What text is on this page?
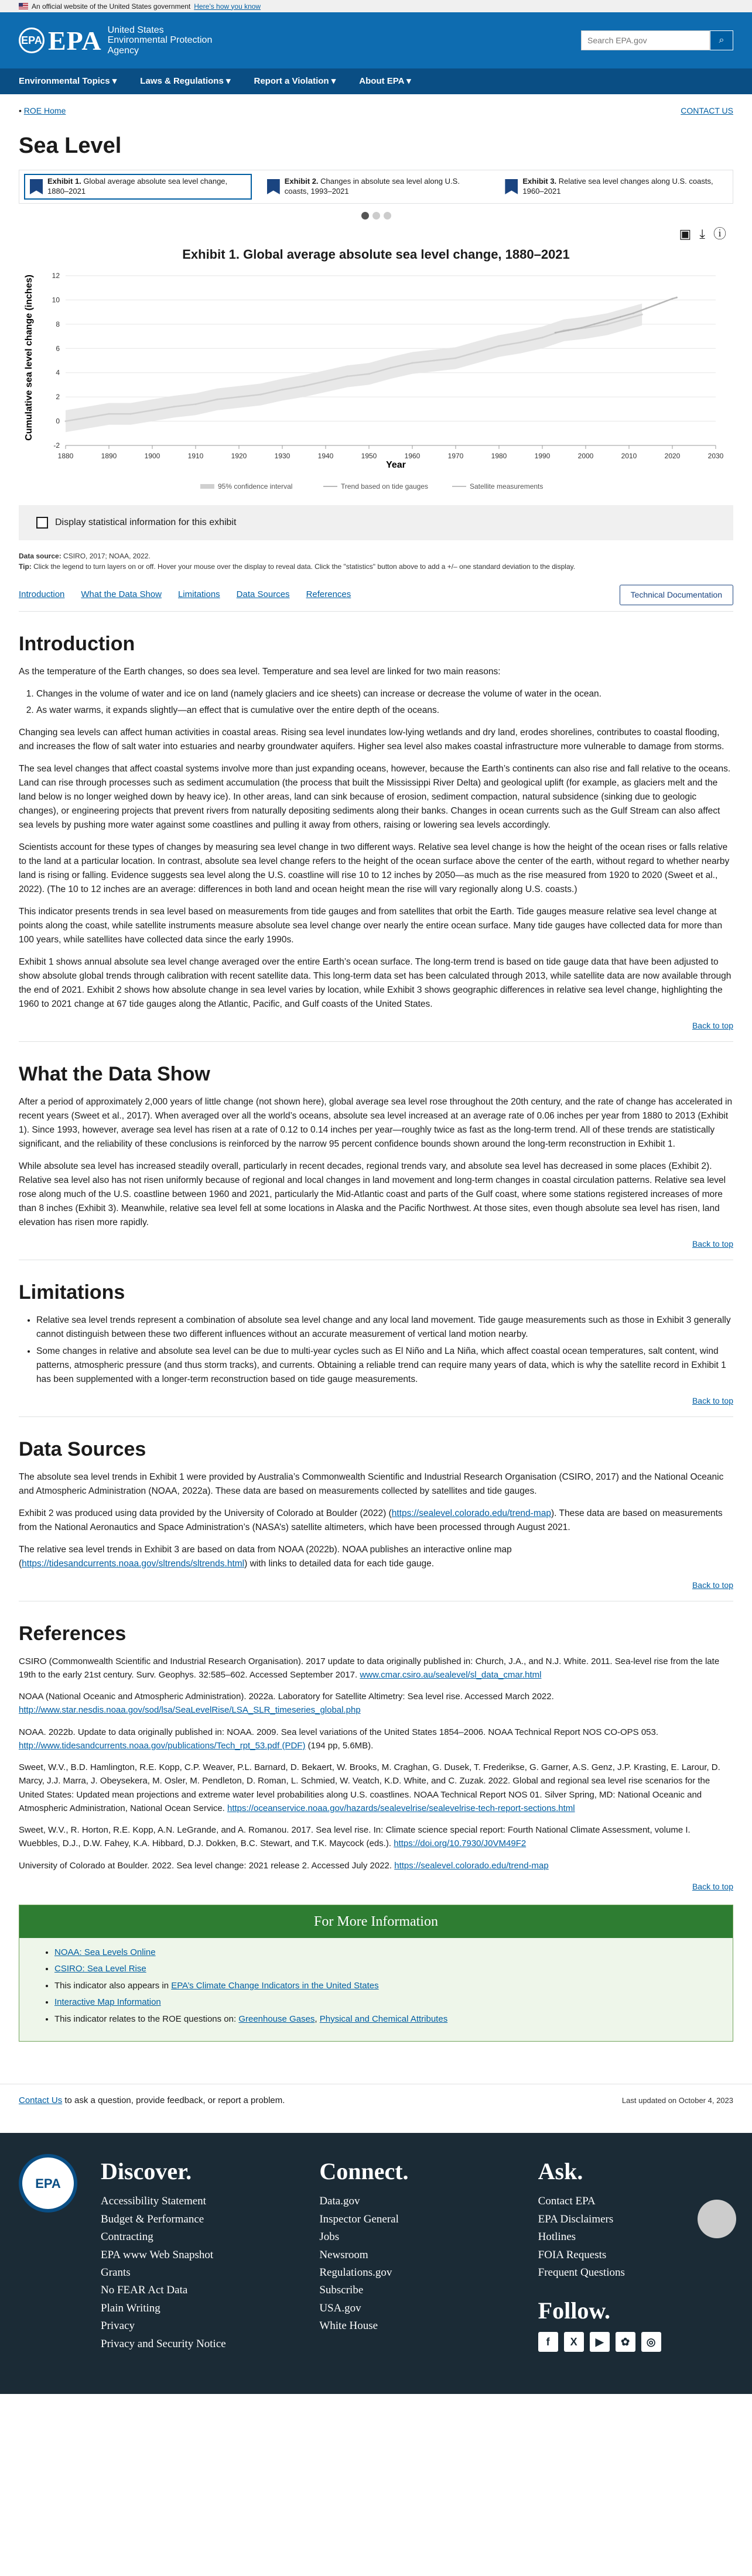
An official website of the United States government Here’s how you know
EPA EPA United States Environmental Protection Agency
Search EPA.gov
⌕
Environmental Topics ▾	Laws & Regulations ▾	Report a Violation ▾	About EPA ▾
• ROE Home	CONTACT US
Sea Level
Exhibit 1. Global average absolute sea level change, 1880–2021
Exhibit 2. Changes in absolute sea level along U.S. coasts, 1993–2021
Exhibit 3. Relative sea level changes along U.S. coasts, 1960–2021
▣ ⤓ ⓘ
Exhibit 1. Global average absolute sea level change, 1880–2021
-2
0
2
4
6
8
10
12
1880	1890	1900	1910	1920	1930	1940	1950	1960	1970	1980	1990	2000	2010	2020	2030
Cumulative sea level change (inches)
Year
95% confidence interval	Trend based on tide gauges	Satellite measurements
Display statistical information for this exhibit

Data source: CSIRO, 2017; NOAA, 2022.

Tip: Click the legend to turn layers on or off. Hover your mouse over the display to reveal data. Click the "statistics" button above to add a +/– one standard deviation to the display.

Introduction What the Data Show Limitations Data Sources References	Technical Documentation
Introduction

As the temperature of the Earth changes, so does sea level. Temperature and sea level are linked for two main reasons:

1. Changes in the volume of water and ice on land (namely glaciers and ice sheets) can increase or decrease the volume of water in the ocean.
2. As water warms, it expands slightly—an effect that is cumulative over the entire depth of the oceans.

Changing sea levels can affect human activities in coastal areas. Rising sea level inundates low-lying wetlands and dry land, erodes shorelines, contributes to coastal flooding, and increases the flow of salt water into estuaries and nearby groundwater aquifers. Higher sea level also makes coastal infrastructure more vulnerable to damage from storms.

The sea level changes that affect coastal systems involve more than just expanding oceans, however, because the Earth’s continents can also rise and fall relative to the oceans. Land can rise through processes such as sediment accumulation (the process that built the Mississippi River Delta) and geological uplift (for example, as glaciers melt and the land below is no longer weighed down by heavy ice). In other areas, land can sink because of erosion, sediment compaction, natural subsidence (sinking due to geologic changes), or engineering projects that prevent rivers from naturally depositing sediments along their banks. Changes in ocean currents such as the Gulf Stream can also affect sea levels by pushing more water against some coastlines and pulling it away from others, raising or lowering sea levels accordingly.

Scientists account for these types of changes by measuring sea level change in two different ways. Relative sea level change is how the height of the ocean rises or falls relative to the land at a particular location. In contrast, absolute sea level change refers to the height of the ocean surface above the center of the earth, without regard to whether nearby land is rising or falling. Evidence suggests sea level along the U.S. coastline will rise 10 to 12 inches by 2050—as much as the rise measured from 1920 to 2020 (Sweet et al., 2022). (The 10 to 12 inches are an average: differences in both land and ocean height mean the rise will vary regionally along U.S. coasts.)

This indicator presents trends in sea level based on measurements from tide gauges and from satellites that orbit the Earth. Tide gauges measure relative sea level change at points along the coast, while satellite instruments measure absolute sea level change over nearly the entire ocean surface. Many tide gauges have collected data for more than 100 years, while satellites have collected data since the early 1990s.

Exhibit 1 shows annual absolute sea level change averaged over the entire Earth’s ocean surface. The long-term trend is based on tide gauge data that have been adjusted to show absolute global trends through calibration with recent satellite data. This long-term data set has been calculated through 2013, while satellite data are now available through the end of 2021. Exhibit 2 shows how absolute change in sea level varies by location, while Exhibit 3 shows geographic differences in relative sea level change, highlighting the 1960 to 2021 change at 67 tide gauges along the Atlantic, Pacific, and Gulf coasts of the United States.

Back to top
What the Data Show

After a period of approximately 2,000 years of little change (not shown here), global average sea level rose throughout the 20th century, and the rate of change has accelerated in recent years (Sweet et al., 2017). When averaged over all the world’s oceans, absolute sea level increased at an average rate of 0.06 inches per year from 1880 to 2013 (Exhibit 1). Since 1993, however, average sea level has risen at a rate of 0.12 to 0.14 inches per year—roughly twice as fast as the long-term trend. All of these trends are statistically significant, and the reliability of these conclusions is reinforced by the narrow 95 percent confidence bounds shown around the long-term reconstruction in Exhibit 1.

While absolute sea level has increased steadily overall, particularly in recent decades, regional trends vary, and absolute sea level has decreased in some places (Exhibit 2). Relative sea level also has not risen uniformly because of regional and local changes in land movement and long-term changes in coastal circulation patterns. Relative sea level rose along much of the U.S. coastline between 1960 and 2021, particularly the Mid-Atlantic coast and parts of the Gulf coast, where some stations registered increases of more than 8 inches (Exhibit 3). Meanwhile, relative sea level fell at some locations in Alaska and the Pacific Northwest. At those sites, even though absolute sea level has risen, land elevation has risen more rapidly.

Back to top
Limitations
• Relative sea level trends represent a combination of absolute sea level change and any local land movement. Tide gauge measurements such as those in Exhibit 3 generally cannot distinguish between these two different influences without an accurate measurement of vertical land motion nearby.
• Some changes in relative and absolute sea level can be due to multi-year cycles such as El Niño and La Niña, which affect coastal ocean temperatures, salt content, wind patterns, atmospheric pressure (and thus storm tracks), and currents. Obtaining a reliable trend can require many years of data, which is why the satellite record in Exhibit 1 has been supplemented with a longer-term reconstruction based on tide gauge measurements.
Back to top
Data Sources

The absolute sea level trends in Exhibit 1 were provided by Australia’s Commonwealth Scientific and Industrial Research Organisation (CSIRO, 2017) and the National Oceanic and Atmospheric Administration (NOAA, 2022a). These data are based on measurements collected by satellites and tide gauges.

Exhibit 2 was produced using data provided by the University of Colorado at Boulder (2022) (https://sealevel.colorado.edu/trend-map). These data are based on measurements from the National Aeronautics and Space Administration’s (NASA’s) satellite altimeters, which have been processed through August 2021.

The relative sea level trends in Exhibit 3 are based on data from NOAA (2022b). NOAA publishes an interactive online map (https://tidesandcurrents.noaa.gov/sltrends/sltrends.html) with links to detailed data for each tide gauge.

Back to top
References

CSIRO (Commonwealth Scientific and Industrial Research Organisation). 2017 update to data originally published in: Church, J.A., and N.J. White. 2011. Sea-level rise from the late 19th to the early 21st century. Surv. Geophys. 32:585–602. Accessed September 2017. www.cmar.csiro.au/sealevel/sl_data_cmar.html

NOAA (National Oceanic and Atmospheric Administration). 2022a. Laboratory for Satellite Altimetry: Sea level rise. Accessed March 2022. http://www.star.nesdis.noaa.gov/sod/lsa/SeaLevelRise/LSA_SLR_timeseries_global.php

NOAA. 2022b. Update to data originally published in: NOAA. 2009. Sea level variations of the United States 1854–2006. NOAA Technical Report NOS CO-OPS 053. http://www.tidesandcurrents.noaa.gov/publications/Tech_rpt_53.pdf (PDF) (194 pp, 5.6MB).

Sweet, W.V., B.D. Hamlington, R.E. Kopp, C.P. Weaver, P.L. Barnard, D. Bekaert, W. Brooks, M. Craghan, G. Dusek, T. Frederikse, G. Garner, A.S. Genz, J.P. Krasting, E. Larour, D. Marcy, J.J. Marra, J. Obeysekera, M. Osler, M. Pendleton, D. Roman, L. Schmied, W. Veatch, K.D. White, and C. Zuzak. 2022. Global and regional sea level rise scenarios for the United States: Updated mean projections and extreme water level probabilities along U.S. coastlines. NOAA Technical Report NOS 01. Silver Spring, MD: National Oceanic and Atmospheric Administration, National Ocean Service. https://oceanservice.noaa.gov/hazards/sealevelrise/sealevelrise-tech-report-sections.html

Sweet, W.V., R. Horton, R.E. Kopp, A.N. LeGrande, and A. Romanou. 2017. Sea level rise. In: Climate science special report: Fourth National Climate Assessment, volume I. Wuebbles, D.J., D.W. Fahey, K.A. Hibbard, D.J. Dokken, B.C. Stewart, and T.K. Maycock (eds.). https://doi.org/10.7930/J0VM49F2

University of Colorado at Boulder. 2022. Sea level change: 2021 release 2. Accessed July 2022. https://sealevel.colorado.edu/trend-map

Back to top
For More Information
• NOAA: Sea Levels Online
• CSIRO: Sea Level Rise
• This indicator also appears in EPA’s Climate Change Indicators in the United States
• Interactive Map Information
• This indicator relates to the ROE questions on: Greenhouse Gases, Physical and Chemical Attributes
Contact Us to ask a question, provide feedback, or report a problem.	Last updated on October 4, 2023
EPA	Discover.
Accessibility Statement
Budget & Performance
Contracting
EPA www Web Snapshot
Grants
No FEAR Act Data
Plain Writing
Privacy
Privacy and Security Notice
Connect.
Data.gov
Inspector General
Jobs
Newsroom
Regulations.gov
Subscribe
USA.gov
White House
Ask.
Contact EPA
EPA Disclaimers
Hotlines
FOIA Requests
Frequent Questions
Follow.
f	X	▶	✿	◎
